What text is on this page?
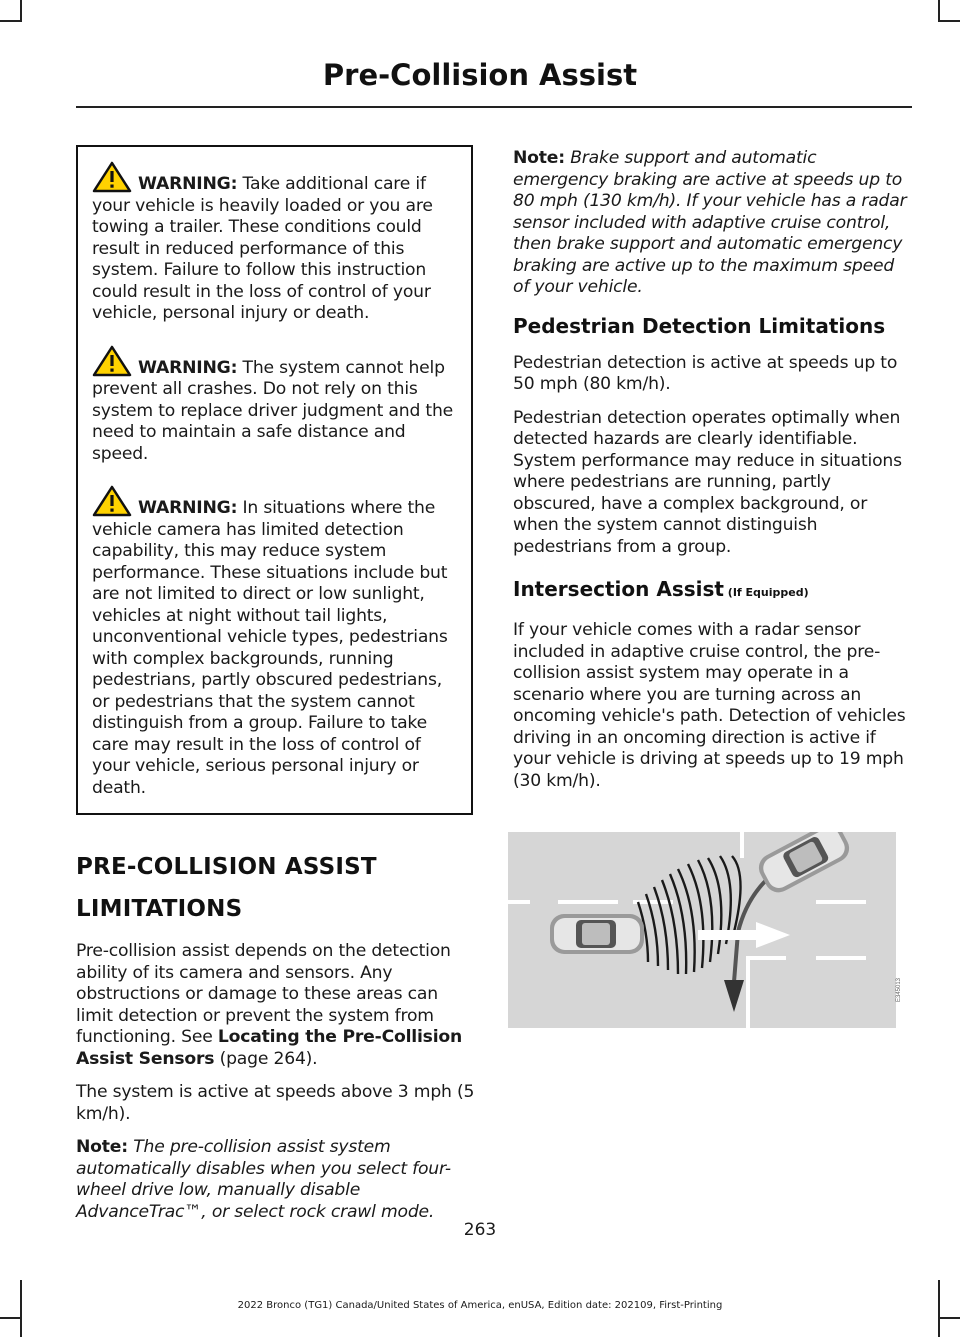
Pre-Collision Assist

WARNING: Take additional care if your vehicle is heavily loaded or you are towing a trailer. These conditions could result in reduced performance of this system. Failure to follow this instruction could result in the loss of control of your vehicle, personal injury or death.

WARNING: The system cannot help prevent all crashes. Do not rely on this system to replace driver judgment and the need to maintain a safe distance and speed.

WARNING: In situations where the vehicle camera has limited detection capability, this may reduce system performance. These situations include but are not limited to direct or low sunlight, vehicles at night without tail lights, unconventional vehicle types, pedestrians with complex backgrounds, running pedestrians, partly obscured pedestrians, or pedestrians that the system cannot distinguish from a group. Failure to take care may result in the loss of control of your vehicle, serious personal injury or death.

PRE-COLLISION ASSIST
LIMITATIONS

Pre-collision assist depends on the detection ability of its camera and sensors. Any obstructions or damage to these areas can limit detection or prevent the system from functioning. See Locating the Pre-Collision Assist Sensors (page 264).

The system is active at speeds above 3 mph (5 km/h).

Note: The pre-collision assist system automatically disables when you select four-wheel drive low, manually disable AdvanceTrac™, or select rock crawl mode.

Note: Brake support and automatic emergency braking are active at speeds up to 80 mph (130 km/h). If your vehicle has a radar sensor included with adaptive cruise control, then brake support and automatic emergency braking are active up to the maximum speed of your vehicle.

Pedestrian Detection Limitations

Pedestrian detection is active at speeds up to 50 mph (80 km/h).

Pedestrian detection operates optimally when detected hazards are clearly identifiable. System performance may reduce in situations where pedestrians are running, partly obscured, have a complex background, or when the system cannot distinguish pedestrians from a group.

Intersection Assist (If Equipped)

If your vehicle comes with a radar sensor included in adaptive cruise control, the pre-collision assist system may operate in a scenario where you are turning across an oncoming vehicle's path. Detection of vehicles driving in an oncoming direction is active if your vehicle is driving at speeds up to 19 mph (30 km/h).

E345013
263
2022 Bronco (TG1) Canada/United States of America, enUSA, Edition date: 202109, First-Printing
